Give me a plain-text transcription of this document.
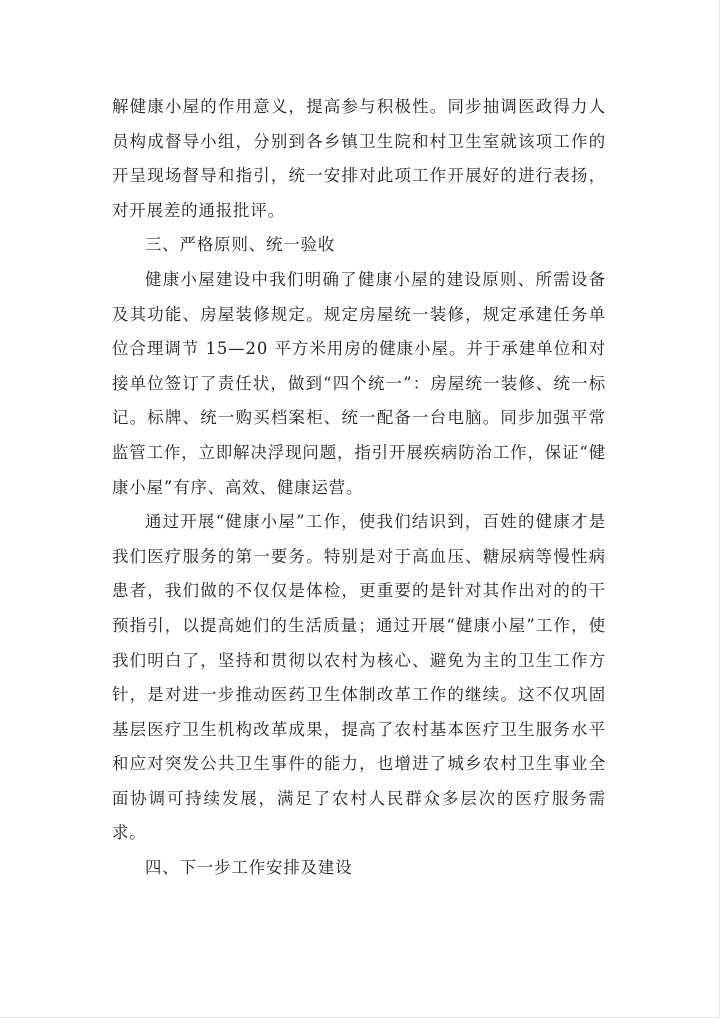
解健康小屋的作用意义，提高参与积极性。同步抽调医政得力人员构成督导小组，分别到各乡镇卫生院和村卫生室就该项工作的开呈现场督导和指引，统一安排对此项工作开展好的进行表扬，对开展差的通报批评。

三、严格原则、统一验收

健康小屋建设中我们明确了健康小屋的建设原则、所需设备及其功能、房屋装修规定。规定房屋统一装修，规定承建任务单位合理调节 15—20 平方米用房的健康小屋。并于承建单位和对接单位签订了责任状，做到“四个统一”：房屋统一装修、统一标记。标牌、统一购买档案柜、统一配备一台电脑。同步加强平常监管工作，立即解决浮现问题，指引开展疾病防治工作，保证“健康小屋”有序、高效、健康运营。

通过开展“健康小屋”工作，使我们结识到，百姓的健康才是我们医疗服务的第一要务。特别是对于高血压、糖尿病等慢性病患者，我们做的不仅仅是体检，更重要的是针对其作出对的的干预指引，以提高她们的生活质量；通过开展“健康小屋”工作，使我们明白了，坚持和贯彻以农村为核心、避免为主的卫生工作方针，是对进一步推动医药卫生体制改革工作的继续。这不仅巩固基层医疗卫生机构改革成果，提高了农村基本医疗卫生服务水平和应对突发公共卫生事件的能力，也增进了城乡农村卫生事业全面协调可持续发展，满足了农村人民群众多层次的医疗服务需求。

四、下一步工作安排及建设
